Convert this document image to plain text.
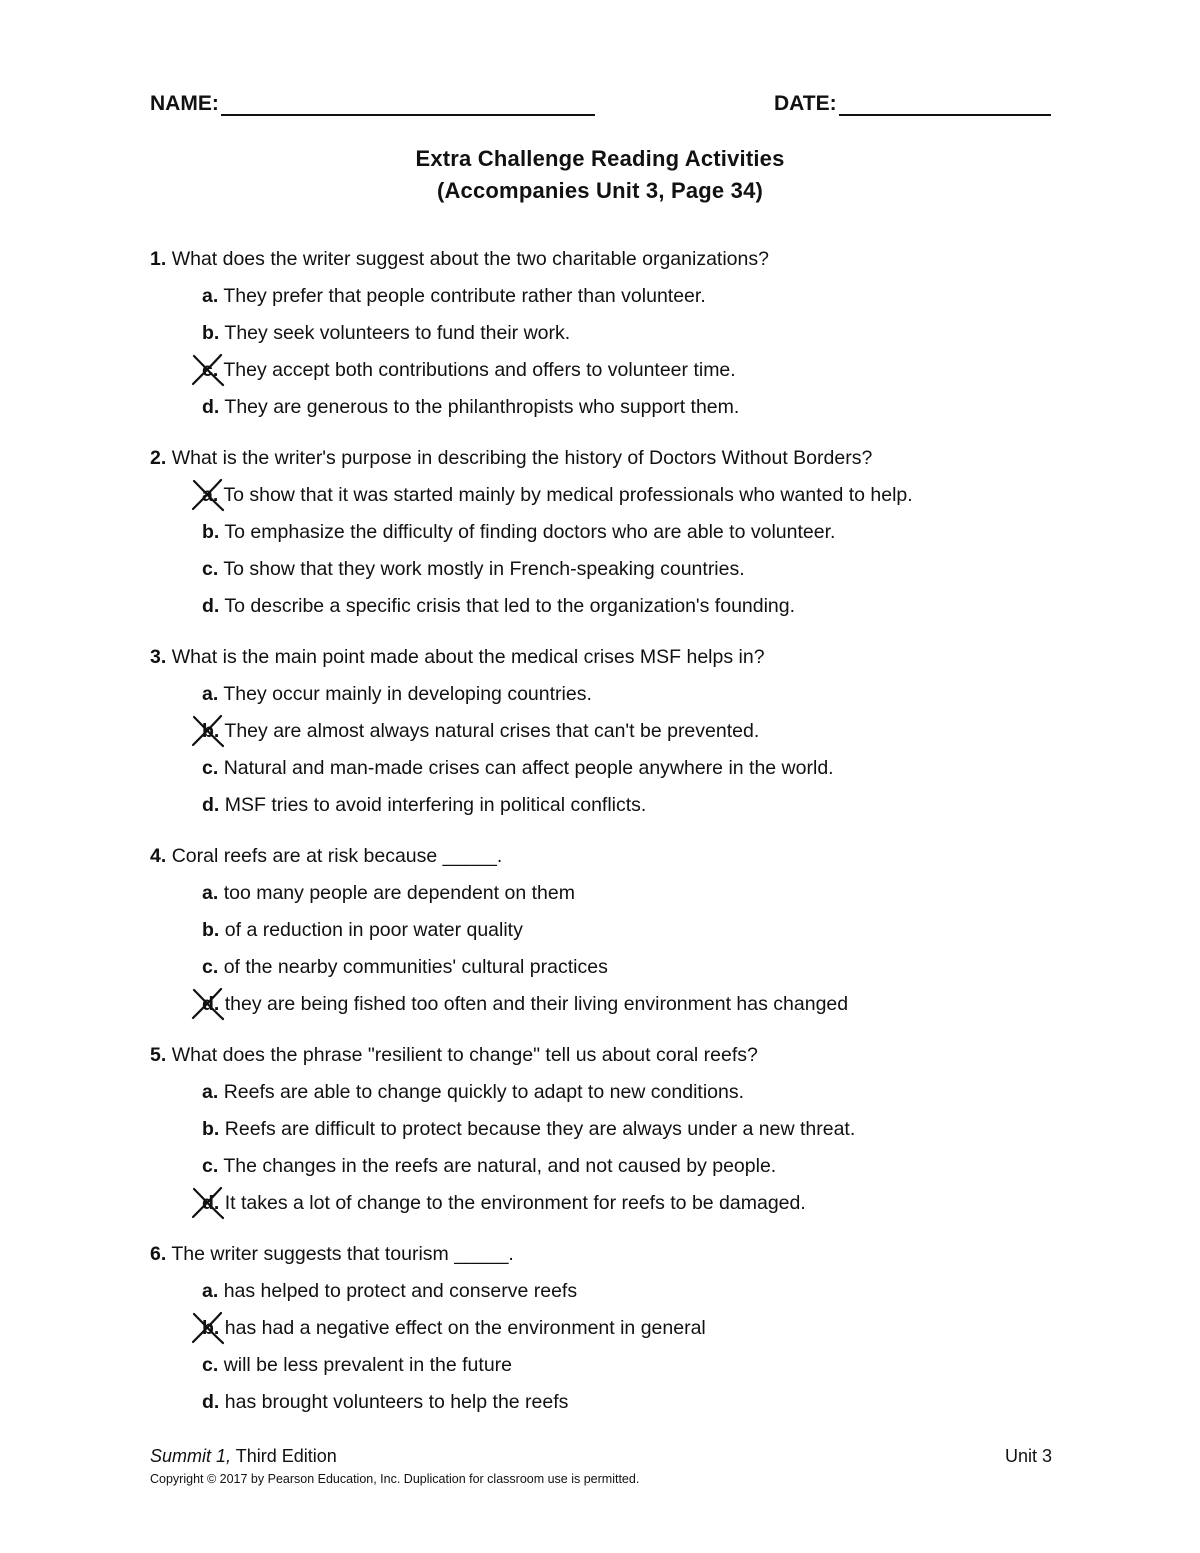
NAME:	DATE:
Extra Challenge Reading Activities
(Accompanies Unit 3, Page 34)
1. What does the writer suggest about the two charitable organizations?
a. They prefer that people contribute rather than volunteer.
b. They seek volunteers to fund their work.
c. They accept both contributions and offers to volunteer time.
d. They are generous to the philanthropists who support them.
2. What is the writer's purpose in describing the history of Doctors Without Borders?
a. To show that it was started mainly by medical professionals who wanted to help.
b. To emphasize the difficulty of finding doctors who are able to volunteer.
c. To show that they work mostly in French-speaking countries.
d. To describe a specific crisis that led to the organization's founding.
3. What is the main point made about the medical crises MSF helps in?
a. They occur mainly in developing countries.
b. They are almost always natural crises that can't be prevented.
c. Natural and man-made crises can affect people anywhere in the world.
d. MSF tries to avoid interfering in political conflicts.
4. Coral reefs are at risk because _____.
a. too many people are dependent on them
b. of a reduction in poor water quality
c. of the nearby communities' cultural practices
d. they are being fished too often and their living environment has changed
5. What does the phrase "resilient to change" tell us about coral reefs?
a. Reefs are able to change quickly to adapt to new conditions.
b. Reefs are difficult to protect because they are always under a new threat.
c. The changes in the reefs are natural, and not caused by people.
d. It takes a lot of change to the environment for reefs to be damaged.
6. The writer suggests that tourism _____.
a. has helped to protect and conserve reefs
b. has had a negative effect on the environment in general
c. will be less prevalent in the future
d. has brought volunteers to help the reefs
Summit 1, Third Edition	Unit 3
Copyright © 2017 by Pearson Education, Inc. Duplication for classroom use is permitted.
